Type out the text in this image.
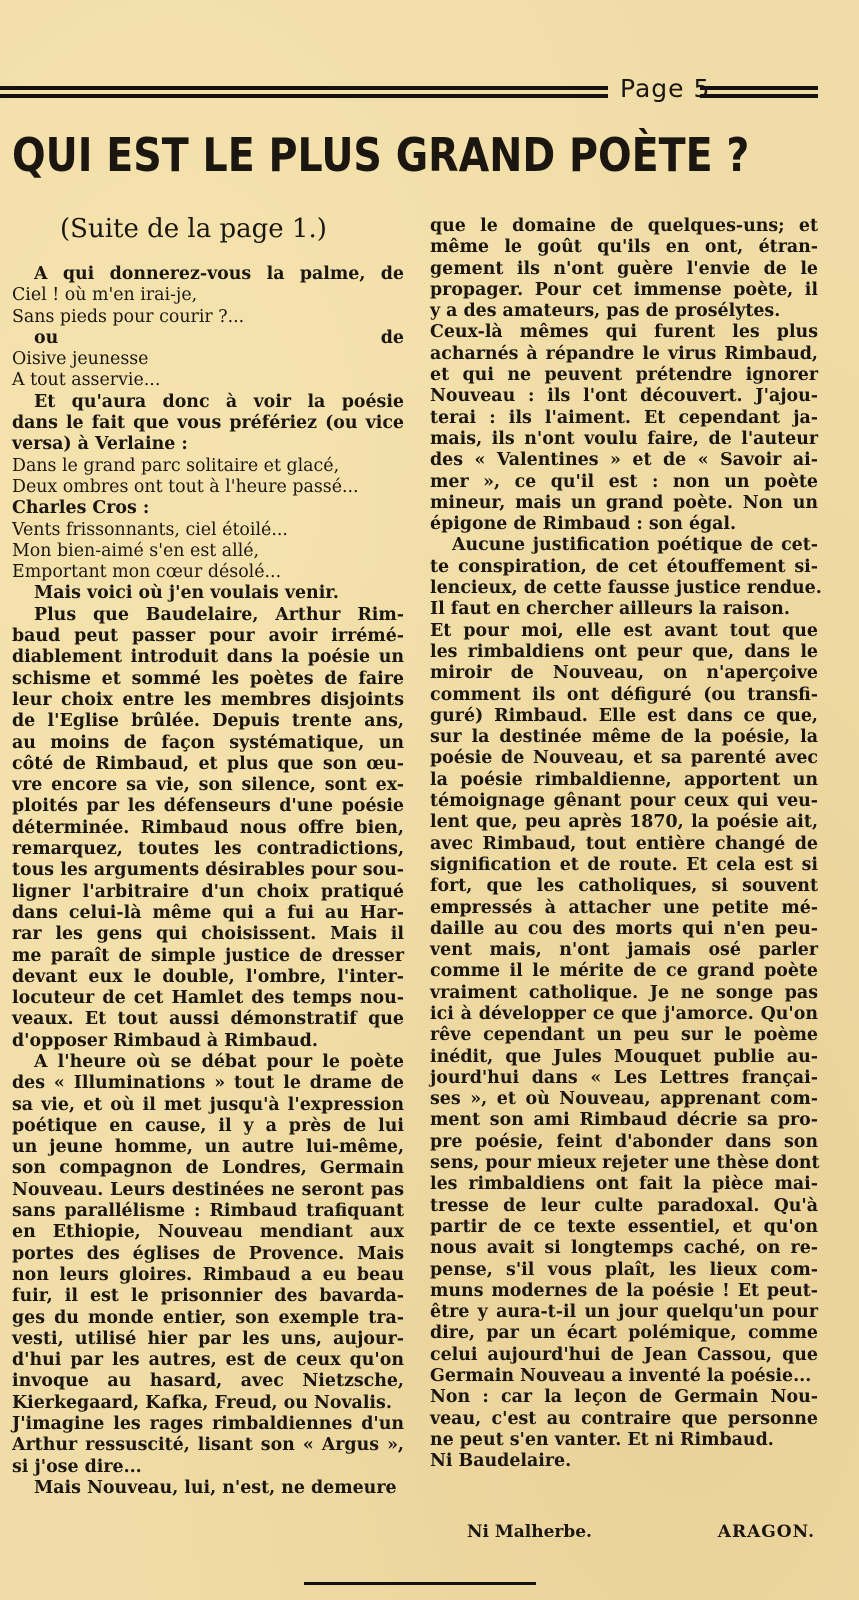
Page 5
QUI EST LE PLUS GRAND POÈTE ?
(Suite de la page 1.)

A qui donnerez-vous la palme, de

Ciel ! où m'en irai-je,

Sans pieds pour courir ?...

ou de

Oisive jeunesse

A tout asservie...

Et qu'aura donc à voir la poésie

dans le fait que vous préfériez (ou vice

versa) à Verlaine :

Dans le grand parc solitaire et glacé,

Deux ombres ont tout à l'heure passé...

Charles Cros :

Vents frissonnants, ciel étoilé...

Mon bien-aimé s'en est allé,

Emportant mon cœur désolé...

Mais voici où j'en voulais venir.

Plus que Baudelaire, Arthur Rim-

baud peut passer pour avoir irrémé-

diablement introduit dans la poésie un

schisme et sommé les poètes de faire

leur choix entre les membres disjoints

de l'Eglise brûlée. Depuis trente ans,

au moins de façon systématique, un

côté de Rimbaud, et plus que son œu-

vre encore sa vie, son silence, sont ex-

ploités par les défenseurs d'une poésie

déterminée. Rimbaud nous offre bien,

remarquez, toutes les contradictions,

tous les arguments désirables pour sou-

ligner l'arbitraire d'un choix pratiqué

dans celui-là même qui a fui au Har-

rar les gens qui choisissent. Mais il

me paraît de simple justice de dresser

devant eux le double, l'ombre, l'inter-

locuteur de cet Hamlet des temps nou-

veaux. Et tout aussi démonstratif que

d'opposer Rimbaud à Rimbaud.

A l'heure où se débat pour le poète

des « Illuminations » tout le drame de

sa vie, et où il met jusqu'à l'expression

poétique en cause, il y a près de lui

un jeune homme, un autre lui-même,

son compagnon de Londres, Germain

Nouveau. Leurs destinées ne seront pas

sans parallélisme : Rimbaud trafiquant

en Ethiopie, Nouveau mendiant aux

portes des églises de Provence. Mais

non leurs gloires. Rimbaud a eu beau

fuir, il est le prisonnier des bavarda-

ges du monde entier, son exemple tra-

vesti, utilisé hier par les uns, aujour-

d'hui par les autres, est de ceux qu'on

invoque au hasard, avec Nietzsche,

Kierkegaard, Kafka, Freud, ou Novalis.

J'imagine les rages rimbaldiennes d'un

Arthur ressuscité, lisant son « Argus »,

si j'ose dire...

Mais Nouveau, lui, n'est, ne demeure

que le domaine de quelques-uns; et

même le goût qu'ils en ont, étran-

gement ils n'ont guère l'envie de le

propager. Pour cet immense poète, il

y a des amateurs, pas de prosélytes.

Ceux-là mêmes qui furent les plus

acharnés à répandre le virus Rimbaud,

et qui ne peuvent prétendre ignorer

Nouveau : ils l'ont découvert. J'ajou-

terai : ils l'aiment. Et cependant ja-

mais, ils n'ont voulu faire, de l'auteur

des « Valentines » et de « Savoir ai-

mer », ce qu'il est : non un poète

mineur, mais un grand poète. Non un

épigone de Rimbaud : son égal.

Aucune justification poétique de cet-

te conspiration, de cet étouffement si-

lencieux, de cette fausse justice rendue.

Il faut en chercher ailleurs la raison.

Et pour moi, elle est avant tout que

les rimbaldiens ont peur que, dans le

miroir de Nouveau, on n'aperçoive

comment ils ont défiguré (ou transfi-

guré) Rimbaud. Elle est dans ce que,

sur la destinée même de la poésie, la

poésie de Nouveau, et sa parenté avec

la poésie rimbaldienne, apportent un

témoignage gênant pour ceux qui veu-

lent que, peu après 1870, la poésie ait,

avec Rimbaud, tout entière changé de

signification et de route. Et cela est si

fort, que les catholiques, si souvent

empressés à attacher une petite mé-

daille au cou des morts qui n'en peu-

vent mais, n'ont jamais osé parler

comme il le mérite de ce grand poète

vraiment catholique. Je ne songe pas

ici à développer ce que j'amorce. Qu'on

rêve cependant un peu sur le poème

inédit, que Jules Mouquet publie au-

jourd'hui dans « Les Lettres françai-

ses », et où Nouveau, apprenant com-

ment son ami Rimbaud décrie sa pro-

pre poésie, feint d'abonder dans son

sens, pour mieux rejeter une thèse dont

les rimbaldiens ont fait la pièce mai-

tresse de leur culte paradoxal. Qu'à

partir de ce texte essentiel, et qu'on

nous avait si longtemps caché, on re-

pense, s'il vous plaît, les lieux com-

muns modernes de la poésie ! Et peut-

être y aura-t-il un jour quelqu'un pour

dire, par un écart polémique, comme

celui aujourd'hui de Jean Cassou, que

Germain Nouveau a inventé la poésie...

Non : car la leçon de Germain Nou-

veau, c'est au contraire que personne

ne peut s'en vanter. Et ni Rimbaud.

Ni Baudelaire.

Ni Malherbe.	ARAGON.
